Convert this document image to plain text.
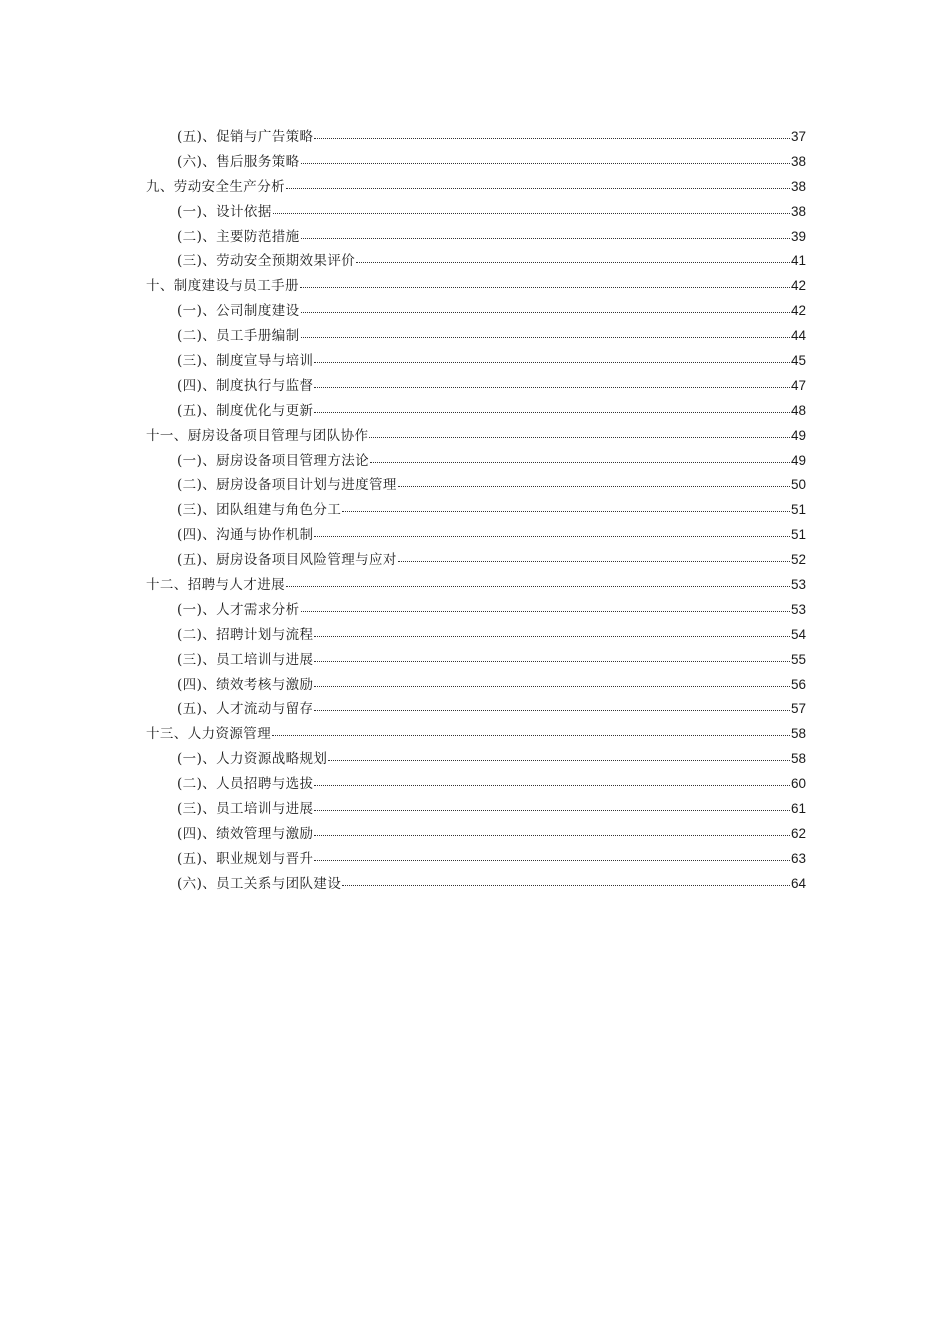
(五)、促销与广告策略	37
(六)、售后服务策略	38
九、劳动安全生产分析	38
(一)、设计依据	38
(二)、主要防范措施	39
(三)、劳动安全预期效果评价	41
十、制度建设与员工手册	42
(一)、公司制度建设	42
(二)、员工手册编制	44
(三)、制度宣导与培训	45
(四)、制度执行与监督	47
(五)、制度优化与更新	48
十一、厨房设备项目管理与团队协作	49
(一)、厨房设备项目管理方法论	49
(二)、厨房设备项目计划与进度管理	50
(三)、团队组建与角色分工	51
(四)、沟通与协作机制	51
(五)、厨房设备项目风险管理与应对	52
十二、招聘与人才进展	53
(一)、人才需求分析	53
(二)、招聘计划与流程	54
(三)、员工培训与进展	55
(四)、绩效考核与激励	56
(五)、人才流动与留存	57
十三、人力资源管理	58
(一)、人力资源战略规划	58
(二)、人员招聘与选拔	60
(三)、员工培训与进展	61
(四)、绩效管理与激励	62
(五)、职业规划与晋升	63
(六)、员工关系与团队建设	64
